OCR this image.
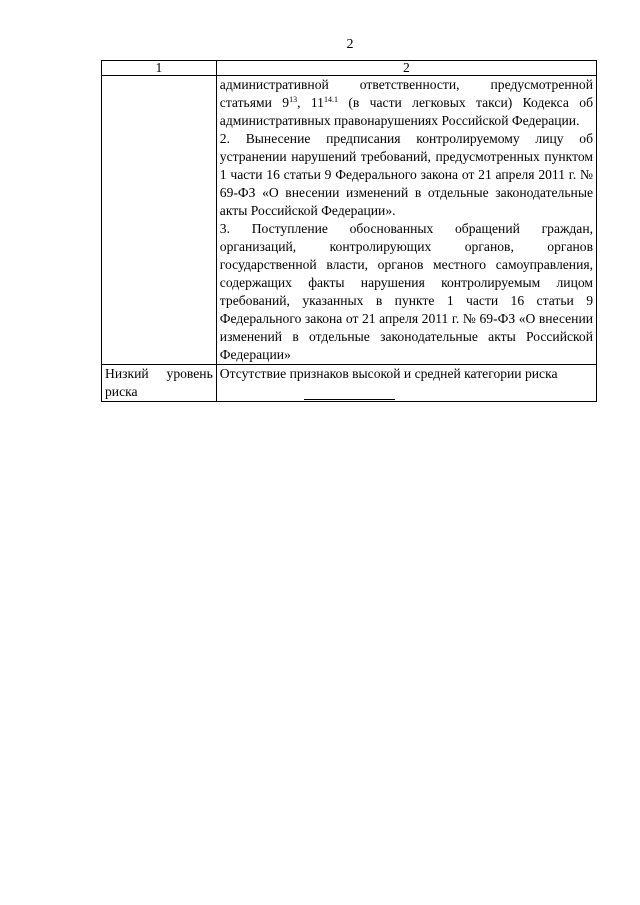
2
1	2

	административной ответственности, предусмотренной статьями $9^{13}$, $11^{14.1}$ (в части легковых такси) Кодекса об административных правонарушениях Российской Федерации.
2. Вынесение предписания контролируемому лицу об устранении нарушений требований, предусмотренных пунктом 1 части 16 статьи 9 Федерального закона от 21 апреля 2011 г. № 69-ФЗ «О внесении изменений в отдельные законодательные акты Российской Федерации».
3. Поступление обоснованных обращений граждан, организаций, контролирующих органов, органов государственной власти, органов местного самоуправления, содержащих факты нарушения контролируемым лицом требований, указанных в пункте 1 части 16 статьи 9 Федерального закона от 21 апреля 2011 г. № 69-ФЗ «О внесении изменений в отдельные законодательные акты Российской Федерации»

Низкий уровень риска	Отсутствие признаков высокой и средней категории риска
